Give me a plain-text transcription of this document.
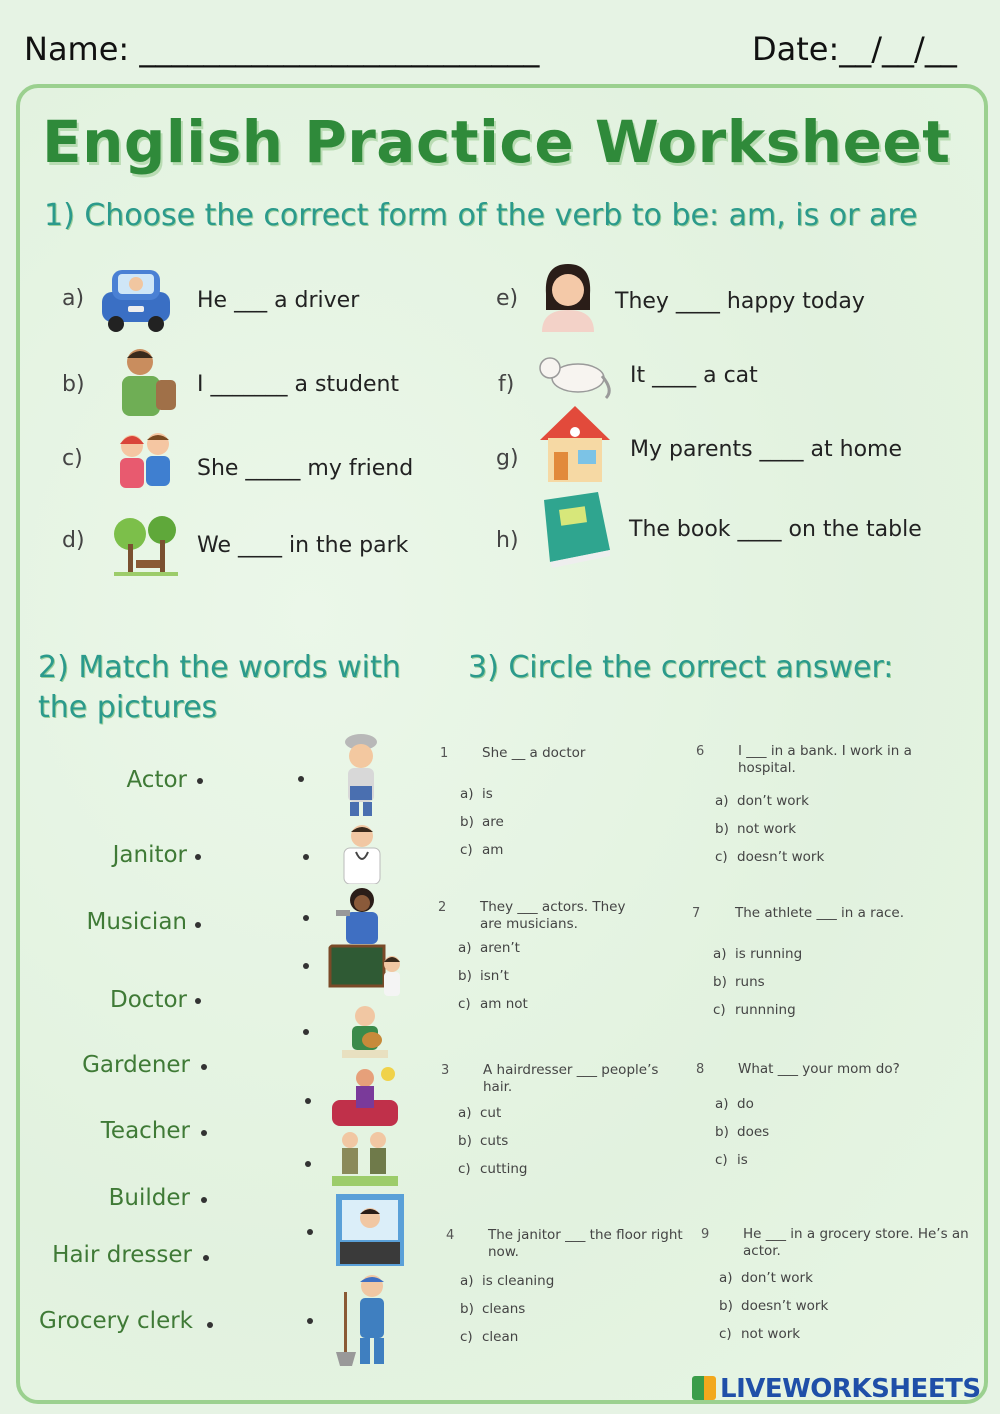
Name: _________________________	Date:__/__/__
English Practice Worksheet
1) Choose the correct form of the verb to be: am, is or are
a)	He ___ a driver
b)	I _______ a student
c)	She _____ my friend
d)	We ____ in the park
e)	They ____ happy today
f)	It ____ a cat
g)	My parents ____ at home
h)	The book ____ on the table
2) Match the words with
the pictures
Actor
Janitor
Musician
Doctor
Gardener
Teacher
Builder
Hair dresser
Grocery clerk
3) Circle the correct answer:
1 She __ a doctor
a) is
b) are
c) am
2 They ___ actors. They are musicians.
a) aren’t
b) isn’t
c) am not
3 A hairdresser ___ people’s hair.
a) cut
b) cuts
c) cutting
4 The janitor ___ the floor right now.
a) is cleaning
b) cleans
c) clean
6 I ___ in a bank. I work in a hospital.
a) don’t work
b) not work
c) doesn’t work
7	The athlete ___ in a race.
a) is running
b) runs
c) runnning
8 What ___ your mom do?
a) do
b) does
c) is
9 He ___ in a grocery store. He’s an actor.
a) don’t work
b) doesn’t work
c) not work
LIVEWORKSHEETS
